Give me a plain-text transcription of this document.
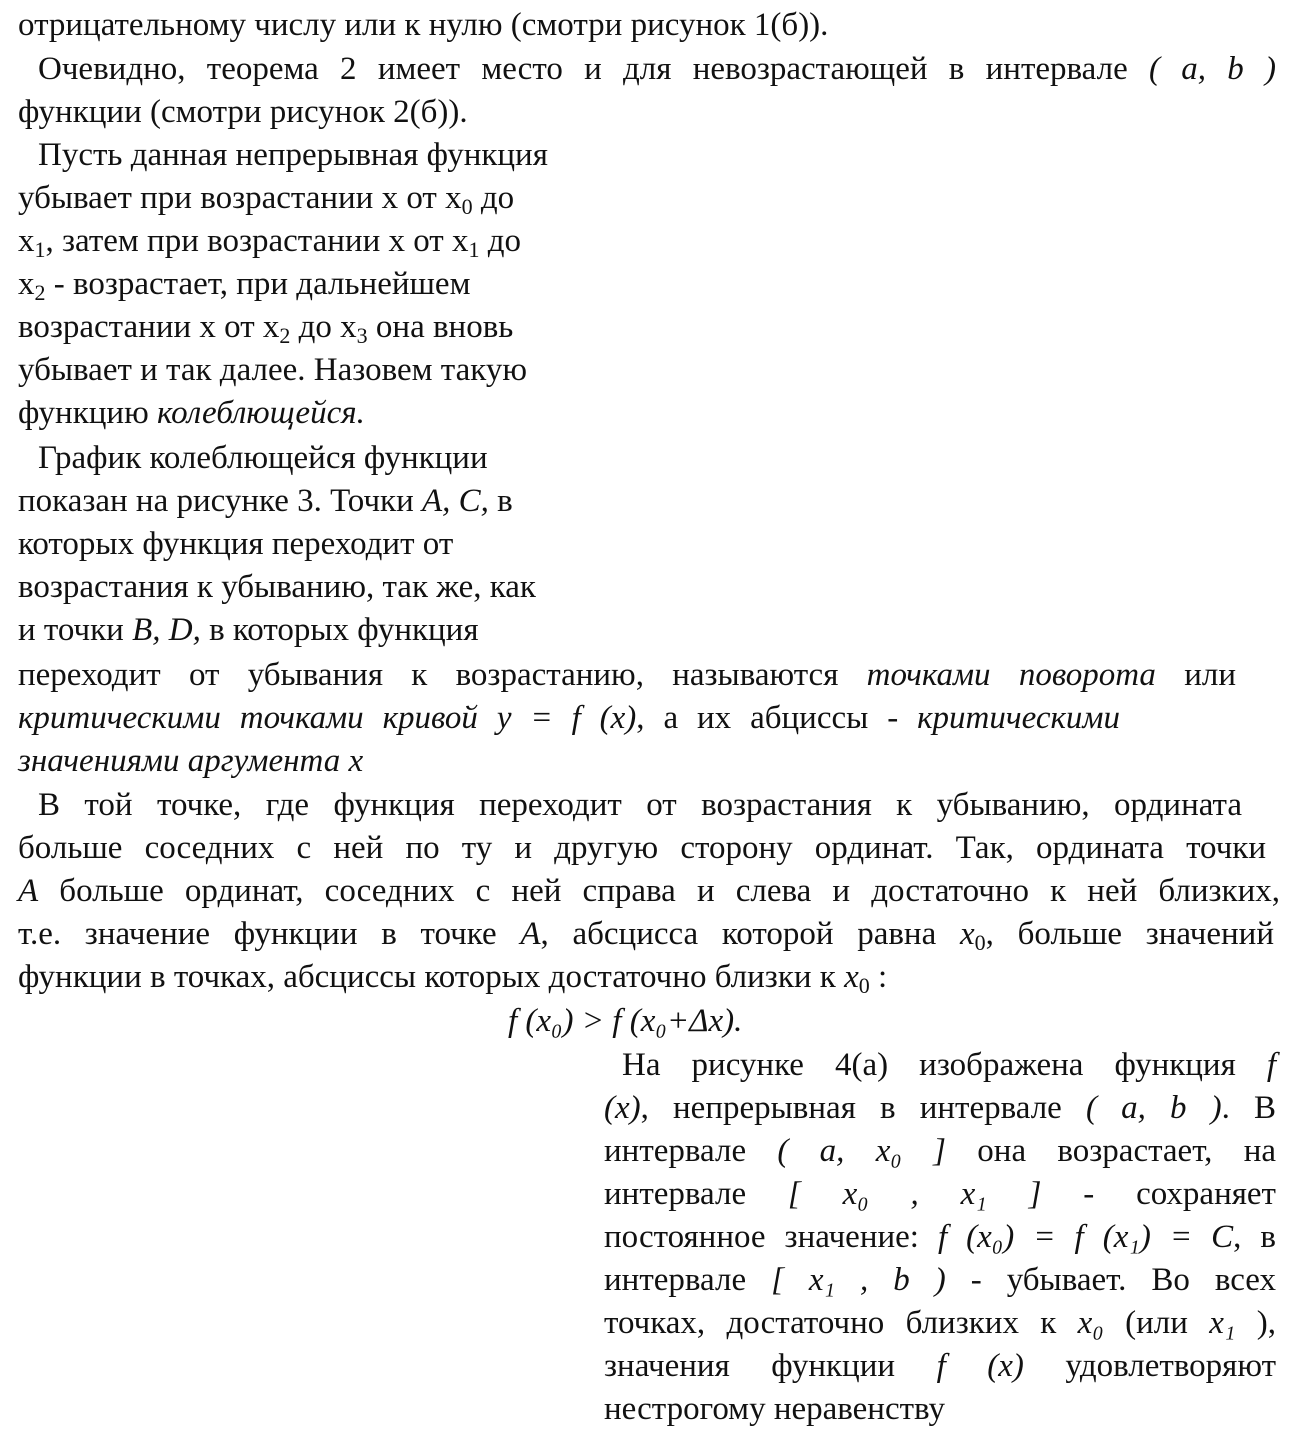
отрицательному числу или к нулю (смотри рисунок 1(б)).
Очевидно, теорема 2 имеет место и для невозрастающей в интервале ( a, b )
функции (смотри рисунок 2(б)).
Пусть данная непрерывная функция
убывает при возрастании x от $x_0$ до
$x_1$, затем при возрастании x от $x_1$ до
$x_2$ - возрастает, при дальнейшем
возрастании x от $x_2$ до $x_3$ она вновь
убывает и так далее. Назовем такую
функцию колеблющейся.
График колеблющейся функции
показан на рисунке 3. Точки A, C, в
которых функция переходит от
возрастания к убыванию, так же, как
и точки B, D, в которых функция
переходит от убывания к возрастанию, называются точками поворота или
критическими точками кривой y = f (x), а их абциссы - критическими
значениями аргумента x
В той точке, где функция переходит от возрастания к убыванию, ордината
больше соседних с ней по ту и другую сторону ординат. Так, ордината точки
A больше ординат, соседних с ней справа и слева и достаточно к ней близких,
т.е. значение функции в точке A, абсцисса которой равна $x_0$, больше значений
функции в точках, абсциссы которых достаточно близки к $x_0$ :
f (x₀) > f (x₀+Δx).
На рисунке 4(a) изображена функция f
(x), непрерывная в интервале ( a, b ). В
интервале ( a, x₀ ] она возрастает, на
интервале [ x₀ , x₁ ] - сохраняет
постоянное значение: f (x₀) = f (x₁) = C, в
интервале [ x₁ , b ) - убывает. Во всех
точках, достаточно близких к x₀ (или x₁ ),
значения функции f (x) удовлетворяют
нестрогому неравенству
